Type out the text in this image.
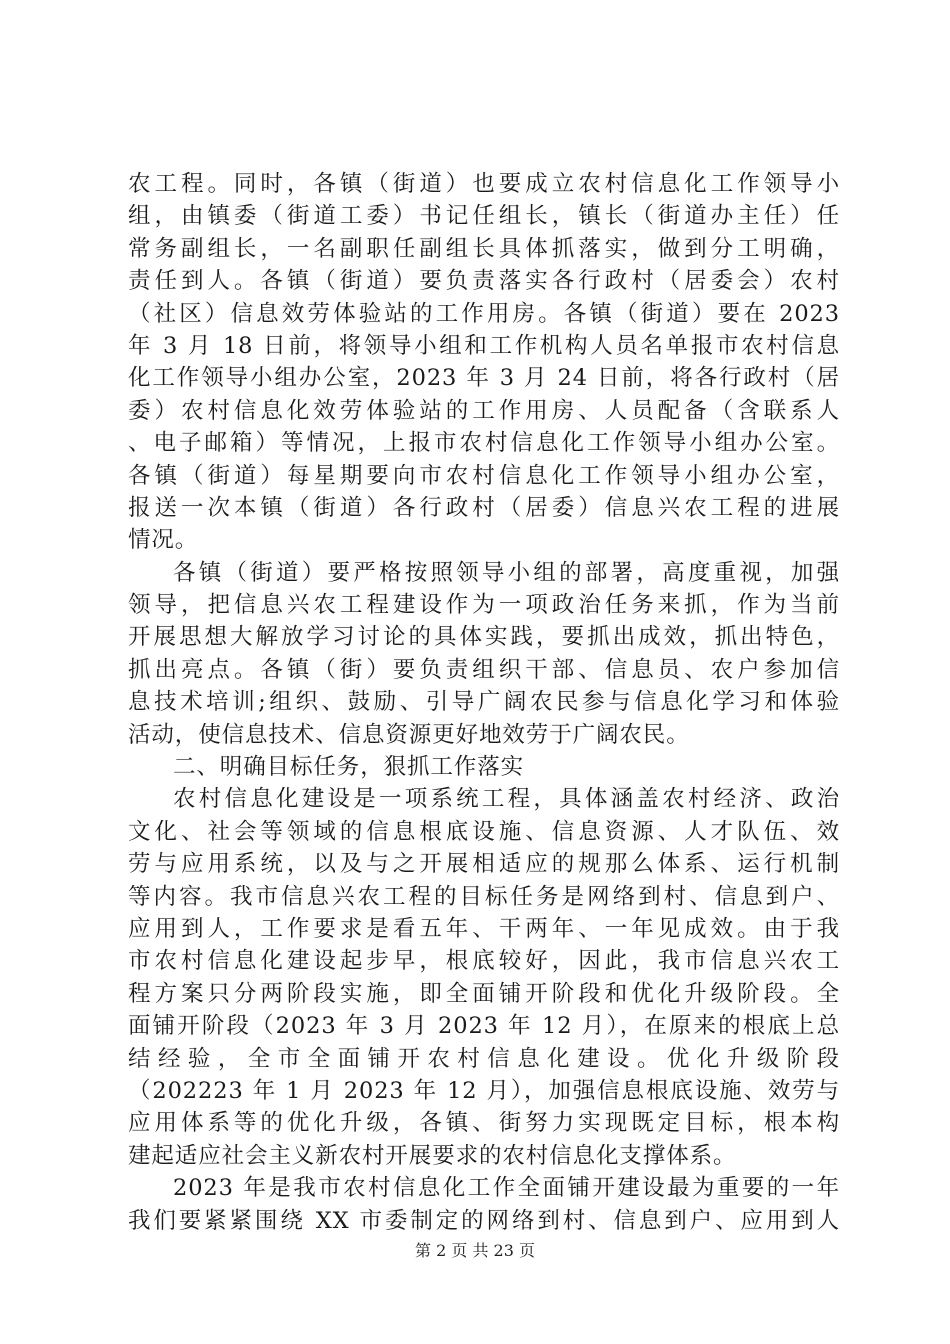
农工程。同时，各镇（街道）也要成立农村信息化工作领导小
组，由镇委（街道工委）书记任组长，镇长（街道办主任）任
常务副组长，一名副职任副组长具体抓落实，做到分工明确，
责任到人。各镇（街道）要负责落实各行政村（居委会）农村
（社区）信息效劳体验站的工作用房。各镇（街道）要在 2023
年 3 月 18 日前，将领导小组和工作机构人员名单报市农村信息
化工作领导小组办公室，2023 年 3 月 24 日前，将各行政村（居
委）农村信息化效劳体验站的工作用房、人员配备（含联系人
、电子邮箱）等情况，上报市农村信息化工作领导小组办公室。
各镇（街道）每星期要向市农村信息化工作领导小组办公室，
报送一次本镇（街道）各行政村（居委）信息兴农工程的进展
情况。
各镇（街道）要严格按照领导小组的部署，高度重视，加强
领导，把信息兴农工程建设作为一项政治任务来抓，作为当前
开展思想大解放学习讨论的具体实践，要抓出成效，抓出特色，
抓出亮点。各镇（街）要负责组织干部、信息员、农户参加信
息技术培训;组织、鼓励、引导广阔农民参与信息化学习和体验
活动，使信息技术、信息资源更好地效劳于广阔农民。
二、明确目标任务，狠抓工作落实
农村信息化建设是一项系统工程，具体涵盖农村经济、政治
文化、社会等领域的信息根底设施、信息资源、人才队伍、效
劳与应用系统，以及与之开展相适应的规那么体系、运行机制
等内容。我市信息兴农工程的目标任务是网络到村、信息到户、
应用到人，工作要求是看五年、干两年、一年见成效。由于我
市农村信息化建设起步早，根底较好，因此，我市信息兴农工
程方案只分两阶段实施，即全面铺开阶段和优化升级阶段。全
面铺开阶段（2023 年 3 月 2023 年 12 月），在原来的根底上总
结经验，全市全面铺开农村信息化建设。优化升级阶段
（202223 年 1 月 2023 年 12 月），加强信息根底设施、效劳与
应用体系等的优化升级，各镇、街努力实现既定目标，根本构
建起适应社会主义新农村开展要求的农村信息化支撑体系。
2023 年是我市农村信息化工作全面铺开建设最为重要的一年
我们要紧紧围绕 XX 市委制定的网络到村、信息到户、应用到人
第 2 页 共 23 页
